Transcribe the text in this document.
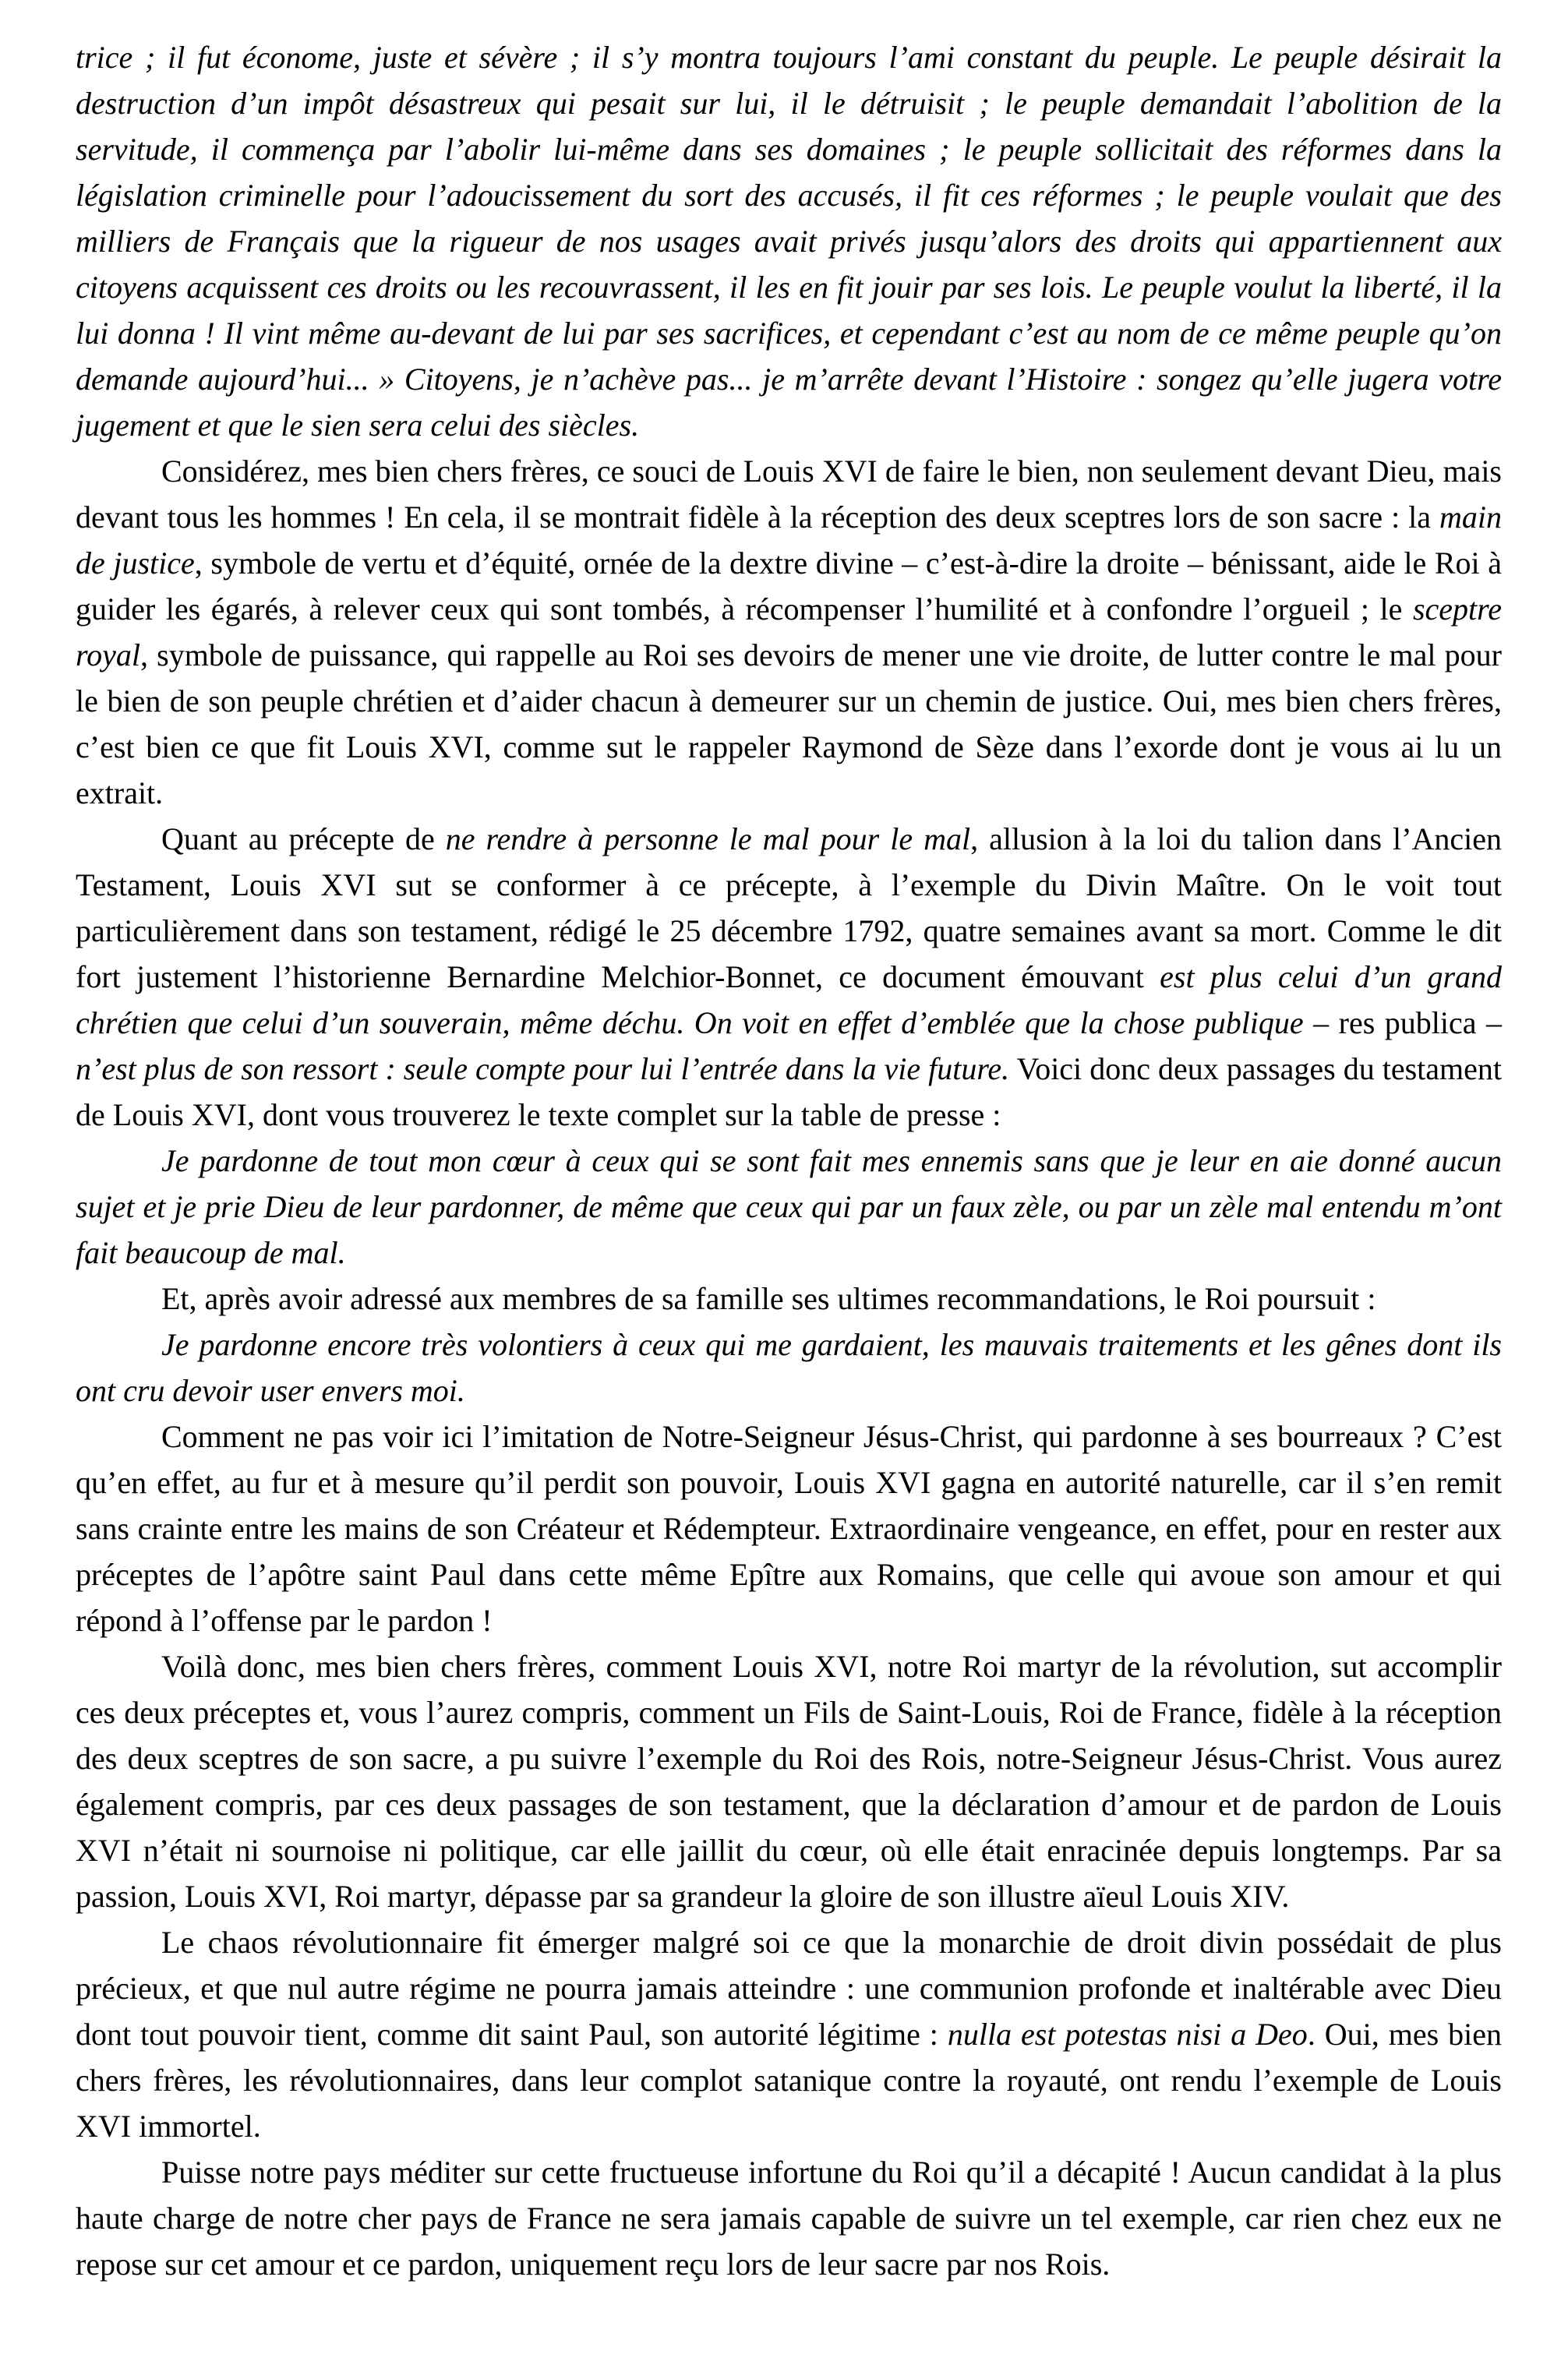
trice ; il fut économe, juste et sévère ; il s’y montra toujours l’ami constant du peuple. Le peuple désirait la destruction d’un impôt désastreux qui pesait sur lui, il le détruisit ; le peuple demandait l’abolition de la servitude, il commença par l’abolir lui-même dans ses domaines ; le peuple sollicitait des réformes dans la législation criminelle pour l’adoucissement du sort des accusés, il fit ces réformes ; le peuple voulait que des milliers de Français que la rigueur de nos usages avait privés jusqu’alors des droits qui appartiennent aux citoyens acquissent ces droits ou les recouvrassent, il les en fit jouir par ses lois. Le peuple voulut la liberté, il la lui donna ! Il vint même au-devant de lui par ses sacrifices, et cependant c’est au nom de ce même peuple qu’on demande aujourd’hui... » Citoyens, je n’achève pas... je m’arrête devant l’Histoire : songez qu’elle jugera votre jugement et que le sien sera celui des siècles.

Considérez, mes bien chers frères, ce souci de Louis XVI de faire le bien, non seulement devant Dieu, mais devant tous les hommes ! En cela, il se montrait fidèle à la réception des deux sceptres lors de son sacre : la main de justice, symbole de vertu et d’équité, ornée de la dextre divine – c’est-à-dire la droite – bénissant, aide le Roi à guider les égarés, à relever ceux qui sont tombés, à récompenser l’humilité et à confondre l’orgueil ; le sceptre royal, symbole de puissance, qui rappelle au Roi ses devoirs de mener une vie droite, de lutter contre le mal pour le bien de son peuple chrétien et d’aider chacun à demeurer sur un chemin de justice. Oui, mes bien chers frères, c’est bien ce que fit Louis XVI, comme sut le rappeler Raymond de Sèze dans l’exorde dont je vous ai lu un extrait.

Quant au précepte de ne rendre à personne le mal pour le mal, allusion à la loi du talion dans l’Ancien Testament, Louis XVI sut se conformer à ce précepte, à l’exemple du Divin Maître. On le voit tout particulièrement dans son testament, rédigé le 25 décembre 1792, quatre semaines avant sa mort. Comme le dit fort justement l’historienne Bernardine Melchior-Bonnet, ce document émouvant est plus celui d’un grand chrétien que celui d’un souverain, même déchu. On voit en effet d’emblée que la chose publique – res publica – n’est plus de son ressort : seule compte pour lui l’entrée dans la vie future. Voici donc deux passages du testament de Louis XVI, dont vous trouverez le texte complet sur la table de presse :

Je pardonne de tout mon cœur à ceux qui se sont fait mes ennemis sans que je leur en aie donné aucun sujet et je prie Dieu de leur pardonner, de même que ceux qui par un faux zèle, ou par un zèle mal entendu m’ont fait beaucoup de mal.

Et, après avoir adressé aux membres de sa famille ses ultimes recommandations, le Roi poursuit :

Je pardonne encore très volontiers à ceux qui me gardaient, les mauvais traitements et les gênes dont ils ont cru devoir user envers moi.

Comment ne pas voir ici l’imitation de Notre-Seigneur Jésus-Christ, qui pardonne à ses bourreaux ? C’est qu’en effet, au fur et à mesure qu’il perdit son pouvoir, Louis XVI gagna en autorité naturelle, car il s’en remit sans crainte entre les mains de son Créateur et Rédempteur. Extraordinaire vengeance, en effet, pour en rester aux préceptes de l’apôtre saint Paul dans cette même Epître aux Romains, que celle qui avoue son amour et qui répond à l’offense par le pardon !

Voilà donc, mes bien chers frères, comment Louis XVI, notre Roi martyr de la révolution, sut accomplir ces deux préceptes et, vous l’aurez compris, comment un Fils de Saint-Louis, Roi de France, fidèle à la réception des deux sceptres de son sacre, a pu suivre l’exemple du Roi des Rois, notre-Seigneur Jésus-Christ. Vous aurez également compris, par ces deux passages de son testament, que la déclaration d’amour et de pardon de Louis XVI n’était ni sournoise ni politique, car elle jaillit du cœur, où elle était enracinée depuis longtemps. Par sa passion, Louis XVI, Roi martyr, dépasse par sa grandeur la gloire de son illustre aïeul Louis XIV.

Le chaos révolutionnaire fit émerger malgré soi ce que la monarchie de droit divin possédait de plus précieux, et que nul autre régime ne pourra jamais atteindre : une communion profonde et inaltérable avec Dieu dont tout pouvoir tient, comme dit saint Paul, son autorité légitime : nulla est potestas nisi a Deo. Oui, mes bien chers frères, les révolutionnaires, dans leur complot satanique contre la royauté, ont rendu l’exemple de Louis XVI immortel.

Puisse notre pays méditer sur cette fructueuse infortune du Roi qu’il a décapité ! Aucun candidat à la plus haute charge de notre cher pays de France ne sera jamais capable de suivre un tel exemple, car rien chez eux ne repose sur cet amour et ce pardon, uniquement reçu lors de leur sacre par nos Rois.
